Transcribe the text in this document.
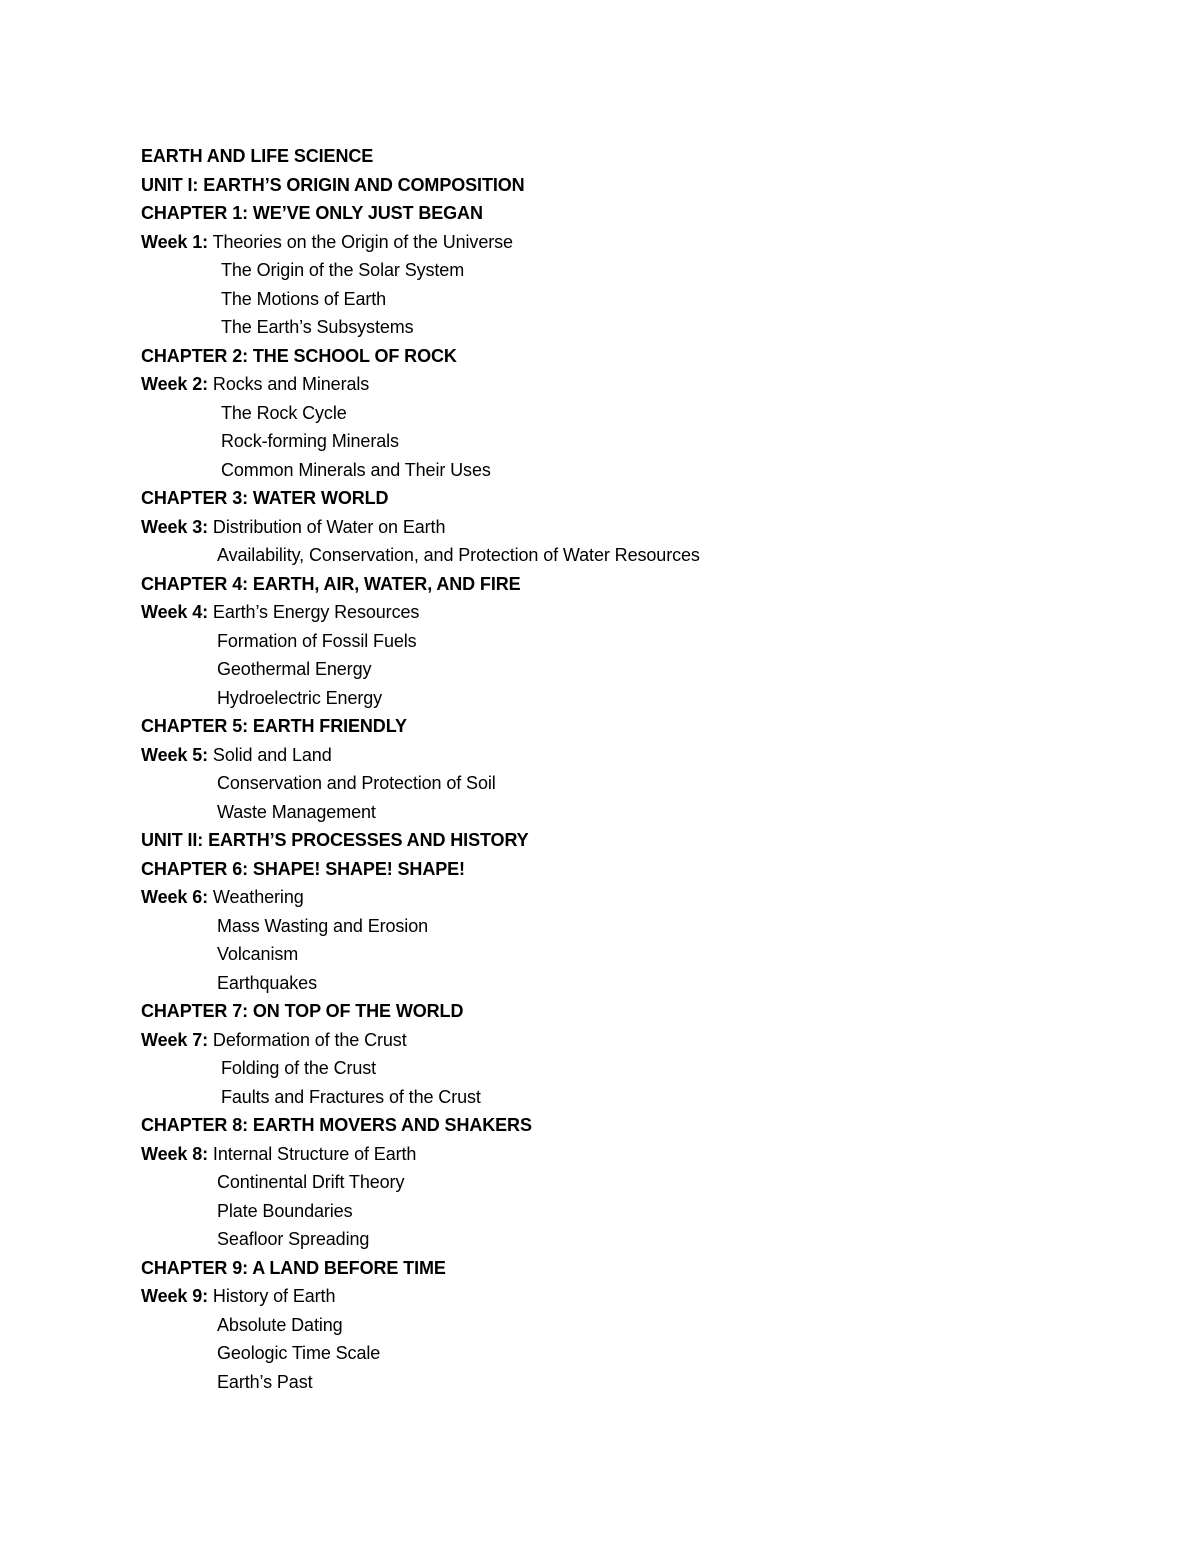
EARTH AND LIFE SCIENCE
UNIT I: EARTH’S ORIGIN AND COMPOSITION
CHAPTER 1: WE’VE ONLY JUST BEGAN
Week 1: Theories on the Origin of the Universe
The Origin of the Solar System
The Motions of Earth
The Earth’s Subsystems
CHAPTER 2: THE SCHOOL OF ROCK
Week 2: Rocks and Minerals
The Rock Cycle
Rock-forming Minerals
Common Minerals and Their Uses
CHAPTER 3: WATER WORLD
Week 3: Distribution of Water on Earth
Availability, Conservation, and Protection of Water Resources
CHAPTER 4: EARTH, AIR, WATER, AND FIRE
Week 4: Earth’s Energy Resources
Formation of Fossil Fuels
Geothermal Energy
Hydroelectric Energy
CHAPTER 5: EARTH FRIENDLY
Week 5: Solid and Land
Conservation and Protection of Soil
Waste Management
UNIT II: EARTH’S PROCESSES AND HISTORY
CHAPTER 6: SHAPE! SHAPE! SHAPE!
Week 6: Weathering
Mass Wasting and Erosion
Volcanism
Earthquakes
CHAPTER 7: ON TOP OF THE WORLD
Week 7: Deformation of the Crust
Folding of the Crust
Faults and Fractures of the Crust
CHAPTER 8: EARTH MOVERS AND SHAKERS
Week 8: Internal Structure of Earth
Continental Drift Theory
Plate Boundaries
Seafloor Spreading
CHAPTER 9: A LAND BEFORE TIME
Week 9: History of Earth
Absolute Dating
Geologic Time Scale
Earth’s Past
